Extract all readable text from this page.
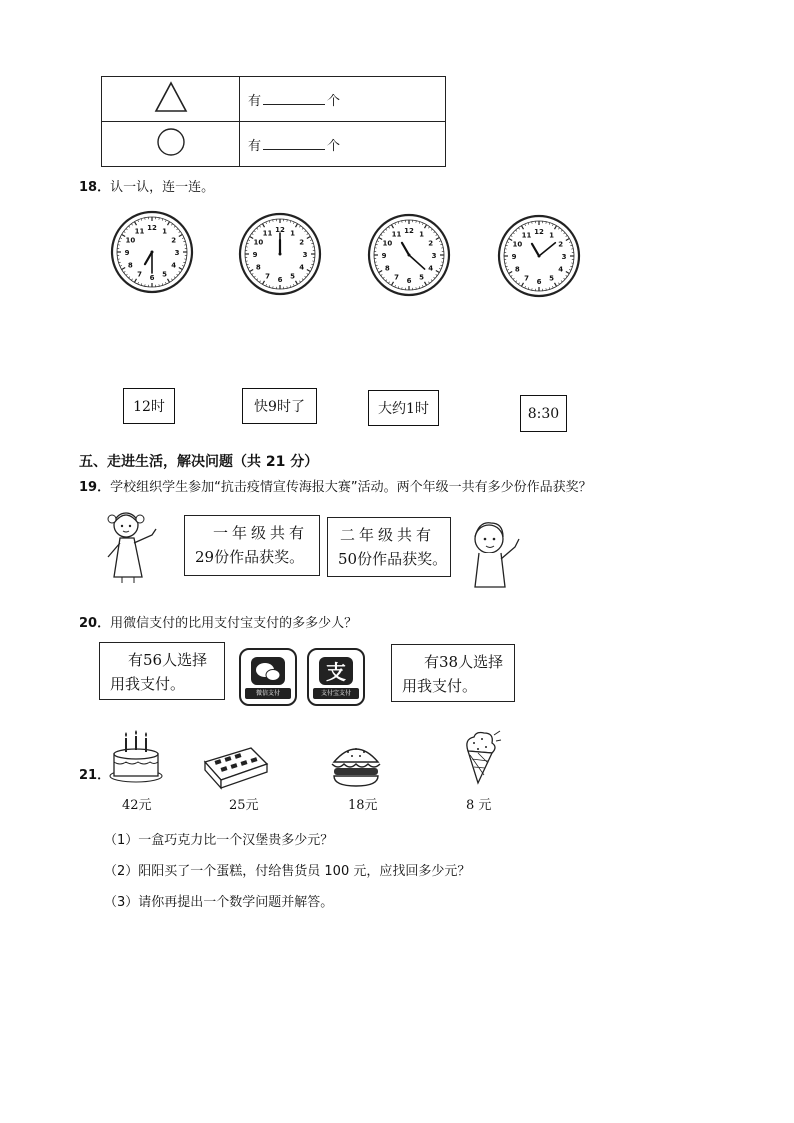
	有 个
	有 个
18．认一认，连一连。
12 1
2
3
4
5
6
7
8
9
10
11	12 1
2
3
4
5
6
7
8
9
10
11	12 1
2
3
4
5
6
7
8
9
10
11	12 1
2
3
4
5
6
7
8
9
10
11
12时	快9时了	大约1时	8:30
五、走进生活，解决问题（共 21 分）
19．学校组织学生参加“抗击疫情宣传海报大赛”活动。两个年级一共有多少份作品获奖？
一年级共有
29份作品获奖。
二年级共有
50份作品获奖。
20．用微信支付的比用支付宝支付的多多少人？
有56人选择
用我支付。
微信支付
支
支付宝支付
有38人选择
用我支付。
21．
42元	25元	18元	8 元
（1）一盒巧克力比一个汉堡贵多少元？
（2）阳阳买了一个蛋糕，付给售货员 100 元，应找回多少元？
（3）请你再提出一个数学问题并解答。
